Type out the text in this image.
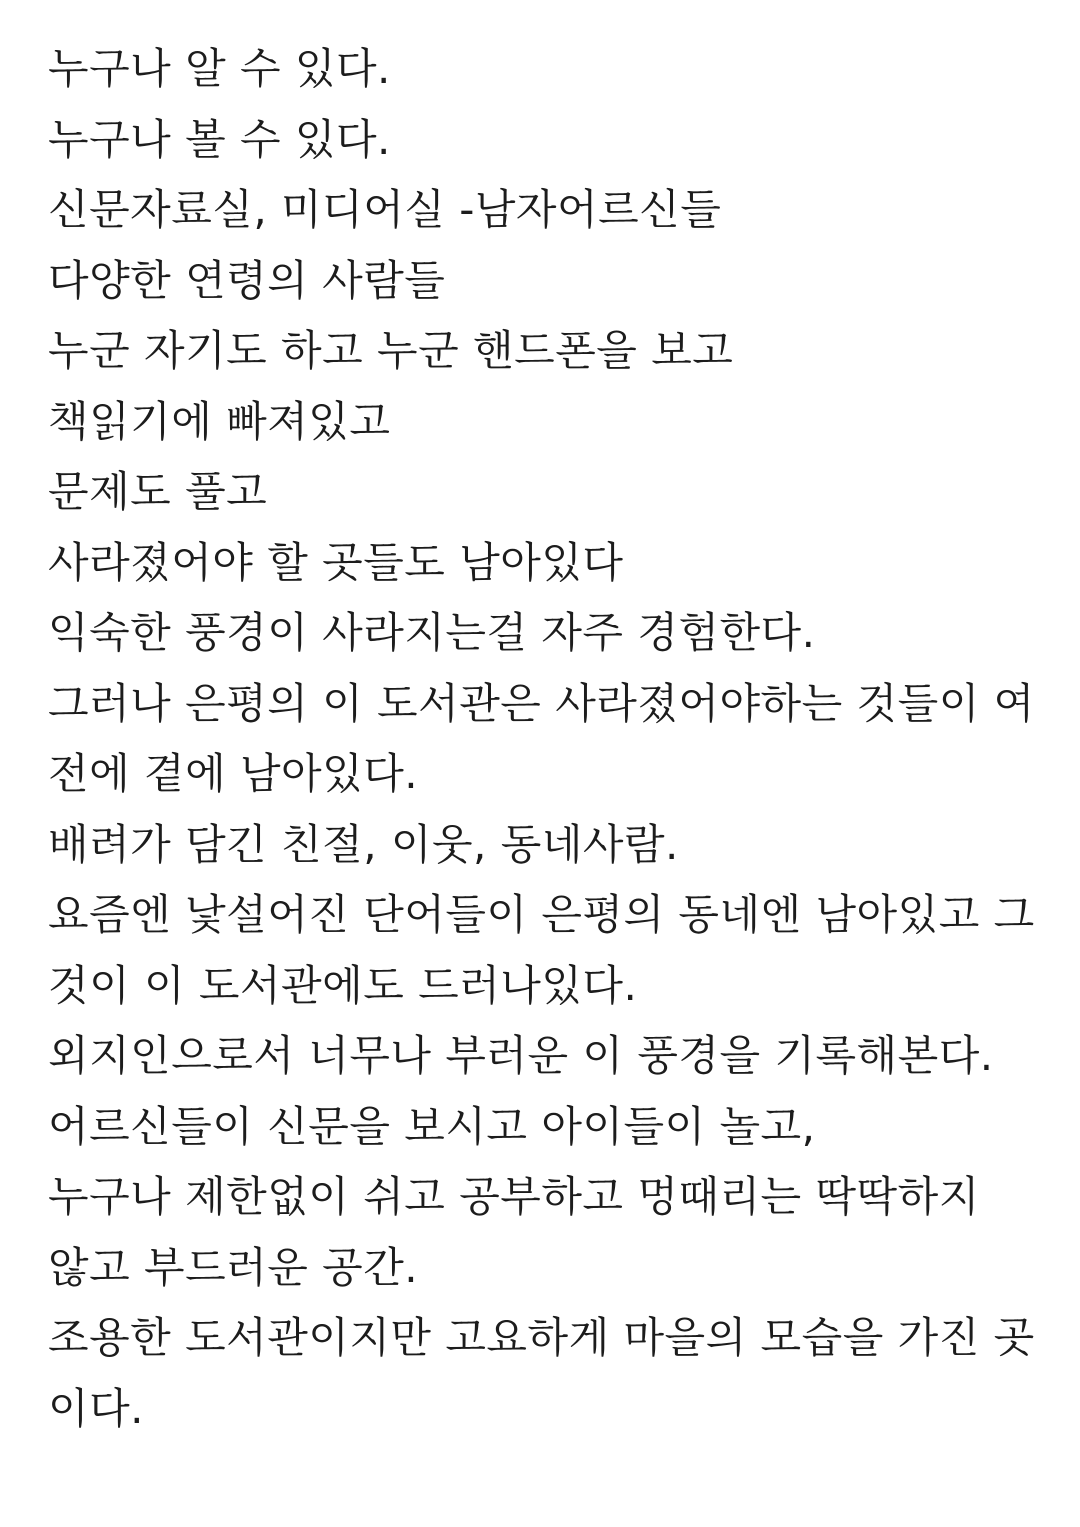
누구나 알 수 있다.
누구나 볼 수 있다.
신문자료실, 미디어실 -남자어르신들
다양한 연령의 사람들
누군 자기도 하고 누군 핸드폰을 보고
책읽기에 빠져있고
문제도 풀고
사라졌어야 할 곳들도 남아있다
익숙한 풍경이 사라지는걸 자주 경험한다.
그러나 은평의 이 도서관은 사라졌어야하는 것들이 여
전에 곁에 남아있다.
배려가 담긴 친절, 이웃, 동네사람.
요즘엔 낯설어진 단어들이 은평의 동네엔 남아있고 그
것이 이 도서관에도 드러나있다.
외지인으로서 너무나 부러운 이 풍경을 기록해본다.
어르신들이 신문을 보시고 아이들이 놀고,
누구나 제한없이 쉬고 공부하고 멍때리는 딱딱하지
않고 부드러운 공간.
조용한 도서관이지만 고요하게 마을의 모습을 가진 곳
이다.
